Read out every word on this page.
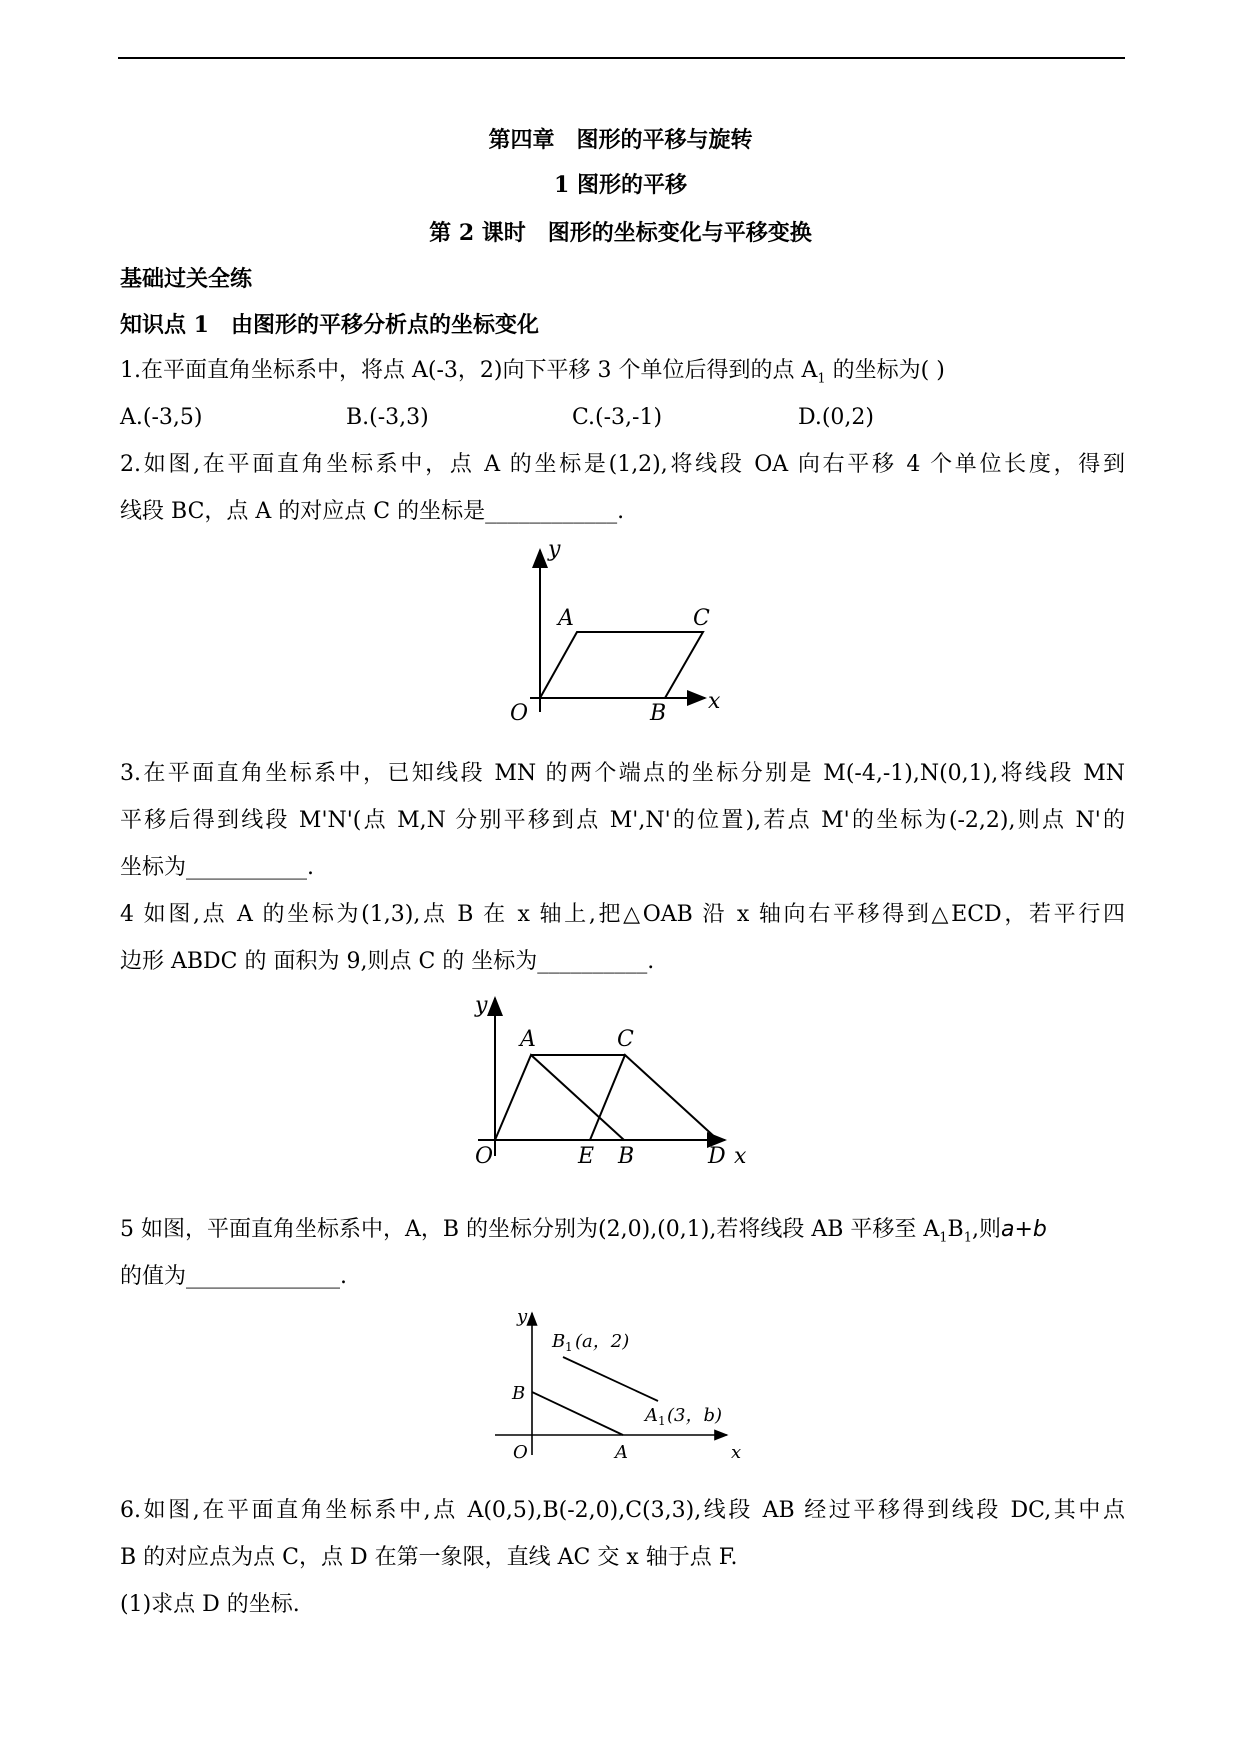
第四章　图形的平移与旋转
1 图形的平移
第 2 课时　图形的坐标变化与平移变换
基础过关全练
知识点 1　由图形的平移分析点的坐标变化
1.在平面直角坐标系中，将点 A(-3，2)向下平移 3 个单位后得到的点 $A_1$ 的坐标为( )
A.(-3,5)	B.(-3,3)	C.(-3,-1)	D.(0,2)
2.如图,在平面直角坐标系中，点 A 的坐标是(1,2),将线段 OA 向右平移 4 个单位长度，得到
线段 BC，点 A 的对应点 C 的坐标是____________.
y
A	C
O	B x
3.在平面直角坐标系中，已知线段 MN 的两个端点的坐标分别是 M(-4,-1),N(0,1),将线段 MN
平移后得到线段 M'N'(点 M,N 分别平移到点 M',N'的位置),若点 M'的坐标为(-2,2),则点 N'的
坐标为___________.
4 如图,点 A 的坐标为(1,3),点 B 在 x 轴上,把△OAB 沿 x 轴向右平移得到△ECD，若平行四
边形 ABDC 的 面积为 9,则点 C 的 坐标为__________.
y
A	C
O	E B	D x
5 如图，平面直角坐标系中，A，B 的坐标分别为(2,0),(0,1),若将线段 AB 平移至 $A_1B_1$,则a+b
的值为______________.
y
B 1 (a，2)
B
A 1 (3，b)
O	A	x
6.如图,在平面直角坐标系中,点 A(0,5),B(-2,0),C(3,3),线段 AB 经过平移得到线段 DC,其中点
B 的对应点为点 C，点 D 在第一象限，直线 AC 交 x 轴于点 F.
(1)求点 D 的坐标.
